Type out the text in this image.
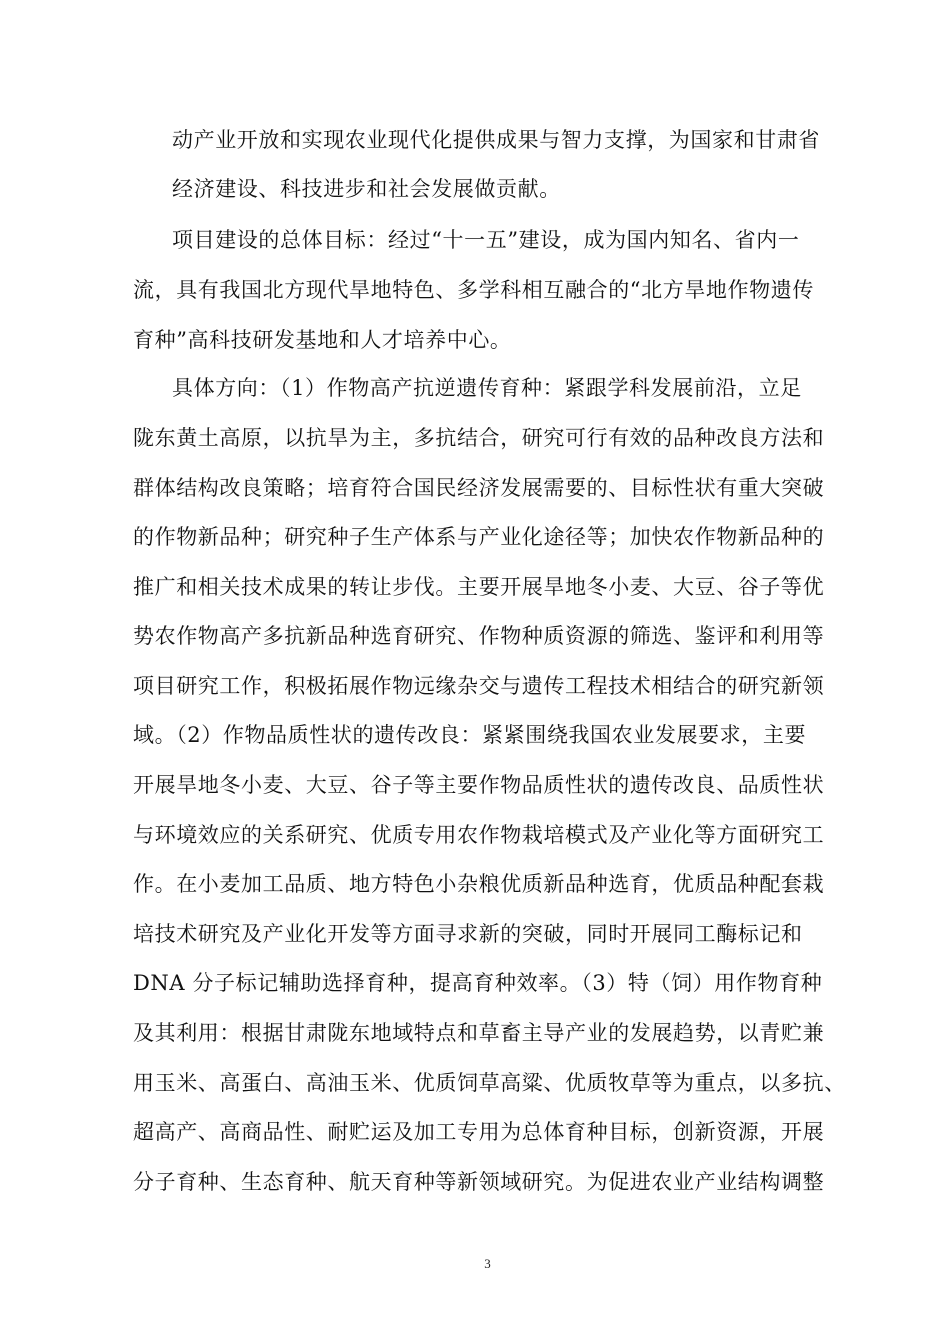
动产业开放和实现农业现代化提供成果与智力支撑，为国家和甘肃省
经济建设、科技进步和社会发展做贡献。
项目建设的总体目标：经过“十一五”建设，成为国内知名、省内一
流，具有我国北方现代旱地特色、多学科相互融合的“北方旱地作物遗传
育种”高科技研发基地和人才培养中心。
具体方向：（1）作物高产抗逆遗传育种：紧跟学科发展前沿，立足
陇东黄土高原，以抗旱为主，多抗结合，研究可行有效的品种改良方法和
群体结构改良策略；培育符合国民经济发展需要的、目标性状有重大突破
的作物新品种；研究种子生产体系与产业化途径等；加快农作物新品种的
推广和相关技术成果的转让步伐。主要开展旱地冬小麦、大豆、谷子等优
势农作物高产多抗新品种选育研究、作物种质资源的筛选、鉴评和利用等
项目研究工作，积极拓展作物远缘杂交与遗传工程技术相结合的研究新领
域。（2）作物品质性状的遗传改良：紧紧围绕我国农业发展要求，主要
开展旱地冬小麦、大豆、谷子等主要作物品质性状的遗传改良、品质性状
与环境效应的关系研究、优质专用农作物栽培模式及产业化等方面研究工
作。在小麦加工品质、地方特色小杂粮优质新品种选育，优质品种配套栽
培技术研究及产业化开发等方面寻求新的突破，同时开展同工酶标记和
DNA 分子标记辅助选择育种，提高育种效率。（3）特（饲）用作物育种
及其利用：根据甘肃陇东地域特点和草畜主导产业的发展趋势，以青贮兼
用玉米、高蛋白、高油玉米、优质饲草高粱、优质牧草等为重点，以多抗、
超高产、高商品性、耐贮运及加工专用为总体育种目标，创新资源，开展
分子育种、生态育种、航天育种等新领域研究。为促进农业产业结构调整
3
